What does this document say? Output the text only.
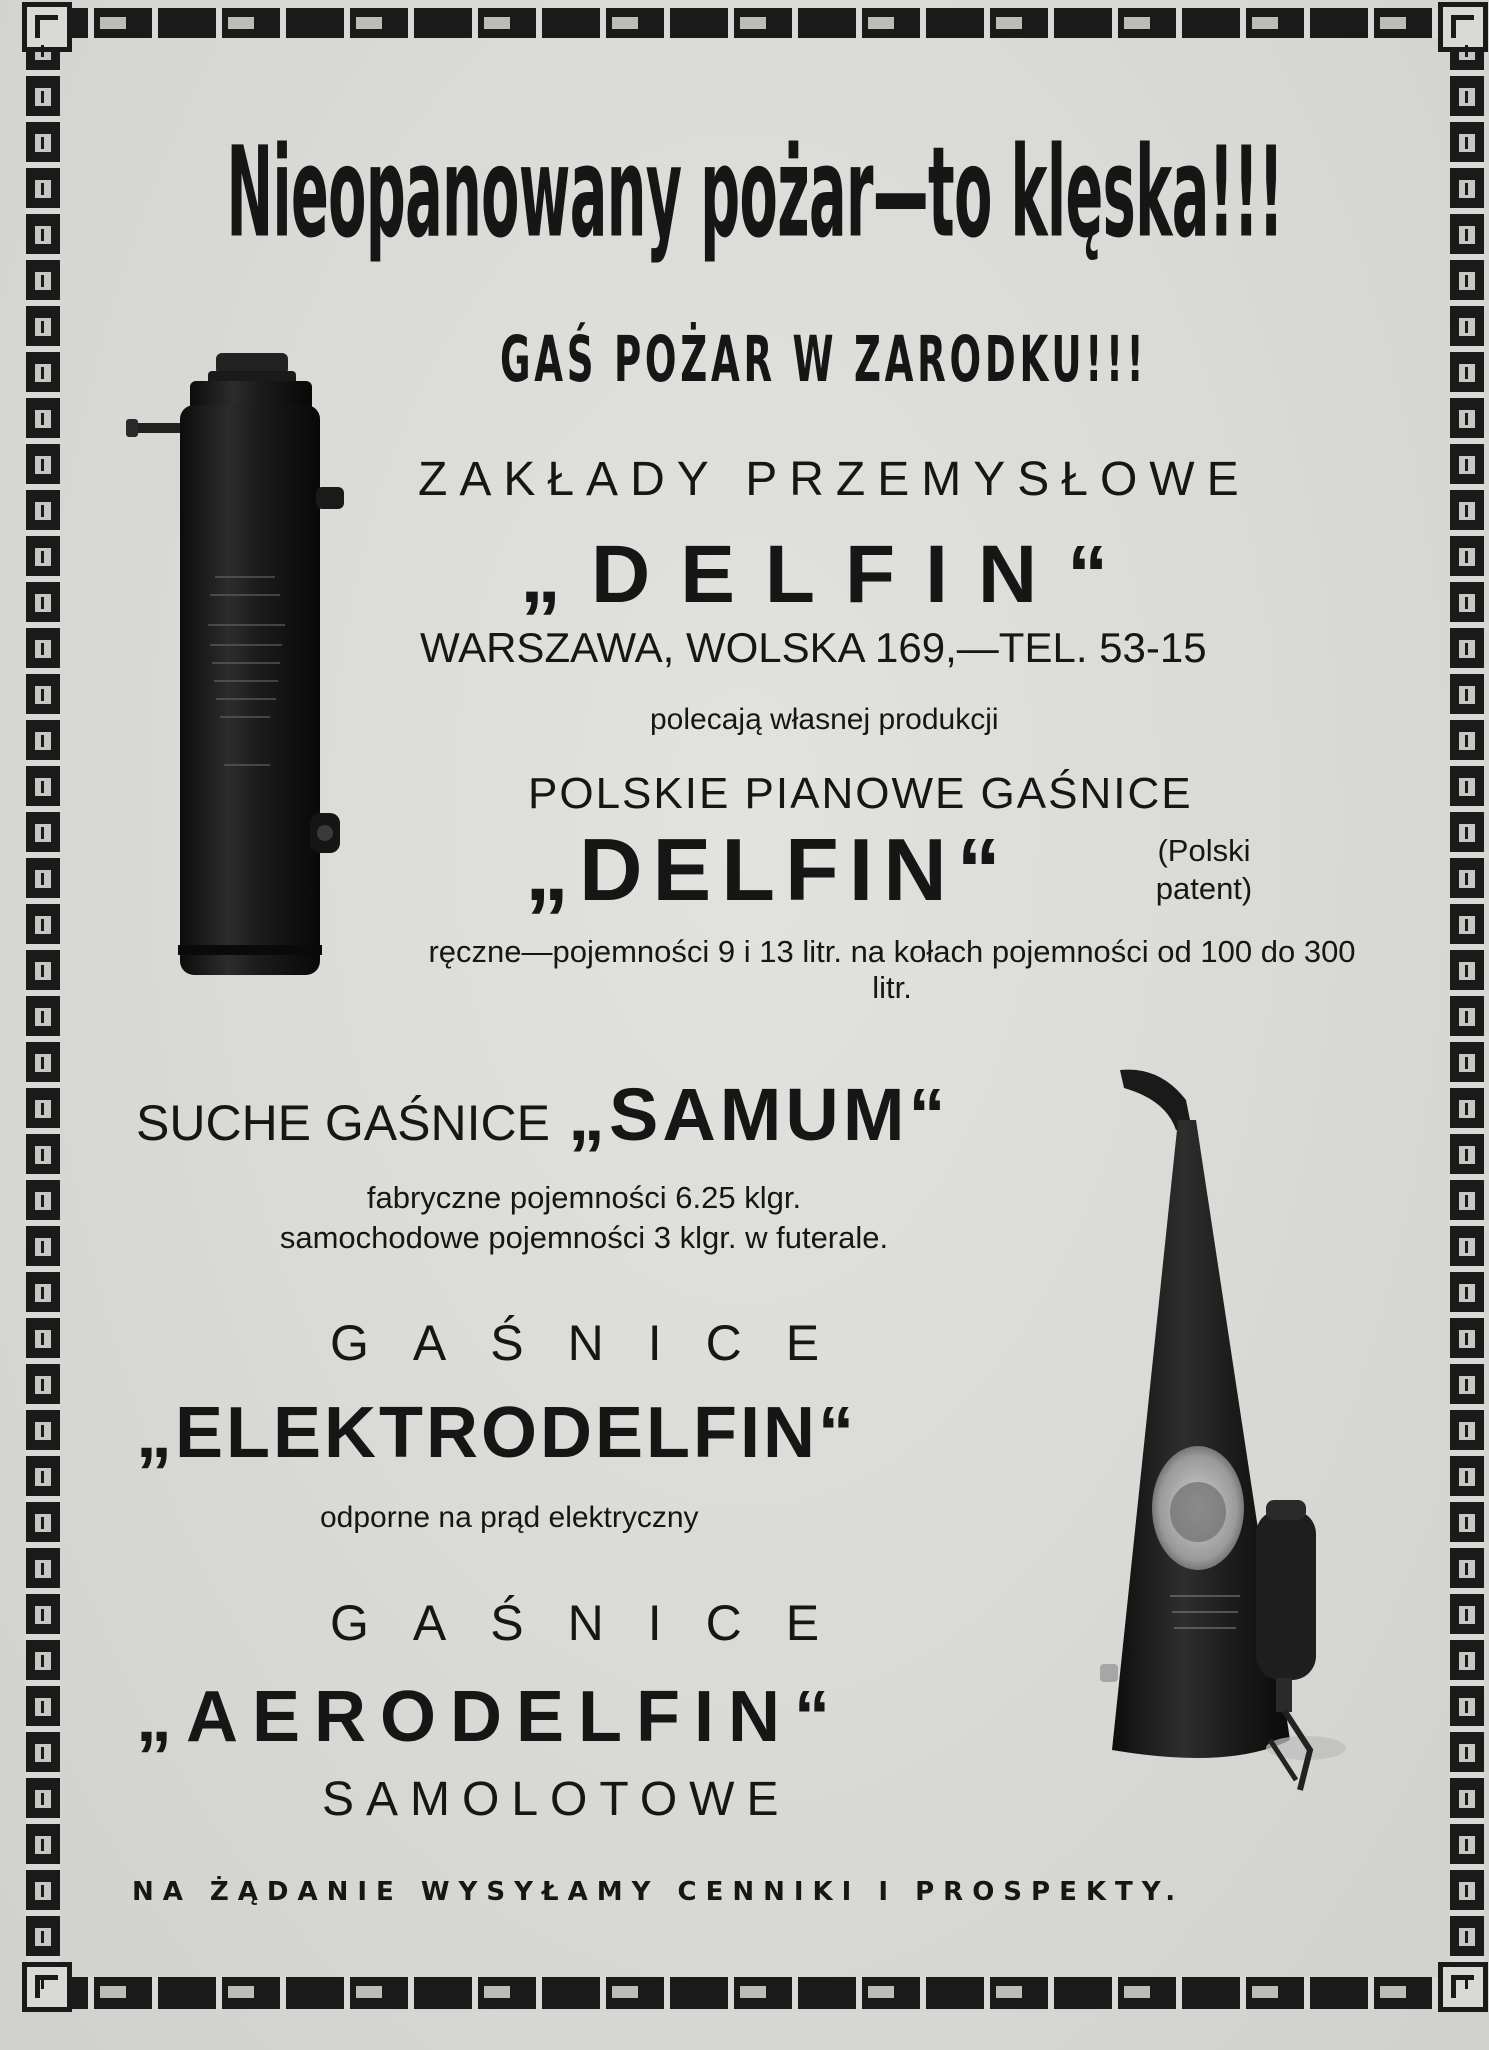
Nieopanowany pożar—to klęska!!!
GAŚ POŻAR W ZARODKU!!!
ZAKŁADY PRZEMYSŁOWE
„DELFIN“
WARSZAWA, WOLSKA 169,—TEL. 53-15
polecają własnej produkcji
POLSKIE PIANOWE GAŚNICE
„DELFIN“	(Polski patent)
ręczne—pojemności 9 i 13 litr. na kołach pojemności od 100 do 300 litr.
SUCHE GAŚNICE „SAMUM“
fabryczne pojemności 6.25 klgr.
samochodowe pojemności 3 klgr. w futerale.
GAŚNICE
„ELEKTRODELFIN“
odporne na prąd elektryczny
GAŚNICE
„AERODELFIN“
SAMOLOTOWE
NA ŻĄDANIE WYSYŁAMY CENNIKI I PROSPEKTY.
